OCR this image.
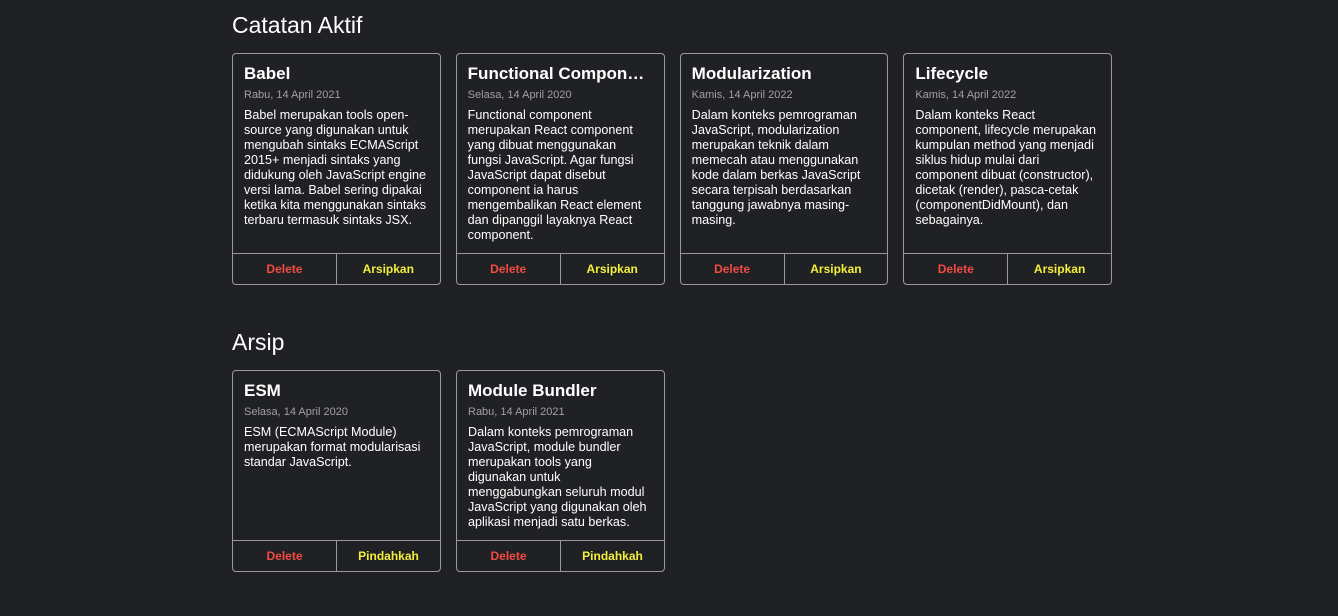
Catatan Aktif
Babel
Rabu, 14 April 2021
Babel merupakan tools open-source yang digunakan untuk mengubah sintaks ECMAScript 2015+ menjadi sintaks yang didukung oleh JavaScript engine versi lama. Babel sering dipakai ketika kita menggunakan sintaks terbaru termasuk sintaks JSX.
Delete	Arsipkan
Functional Component
Selasa, 14 April 2020
Functional component merupakan React component yang dibuat menggunakan fungsi JavaScript. Agar fungsi JavaScript dapat disebut component ia harus mengembalikan React element dan dipanggil layaknya React component.
Delete	Arsipkan
Modularization
Kamis, 14 April 2022
Dalam konteks pemrograman JavaScript, modularization merupakan teknik dalam memecah atau menggunakan kode dalam berkas JavaScript secara terpisah berdasarkan tanggung jawabnya masing-masing.
Delete	Arsipkan
Lifecycle
Kamis, 14 April 2022
Dalam konteks React component, lifecycle merupakan kumpulan method yang menjadi siklus hidup mulai dari component dibuat (constructor), dicetak (render), pasca-cetak (componentDidMount), dan sebagainya.
Delete	Arsipkan
Arsip
ESM
Selasa, 14 April 2020
ESM (ECMAScript Module) merupakan format modularisasi standar JavaScript.
Delete	Pindahkah
Module Bundler
Rabu, 14 April 2021
Dalam konteks pemrograman JavaScript, module bundler merupakan tools yang digunakan untuk menggabungkan seluruh modul JavaScript yang digunakan oleh aplikasi menjadi satu berkas.
Delete	Pindahkah
